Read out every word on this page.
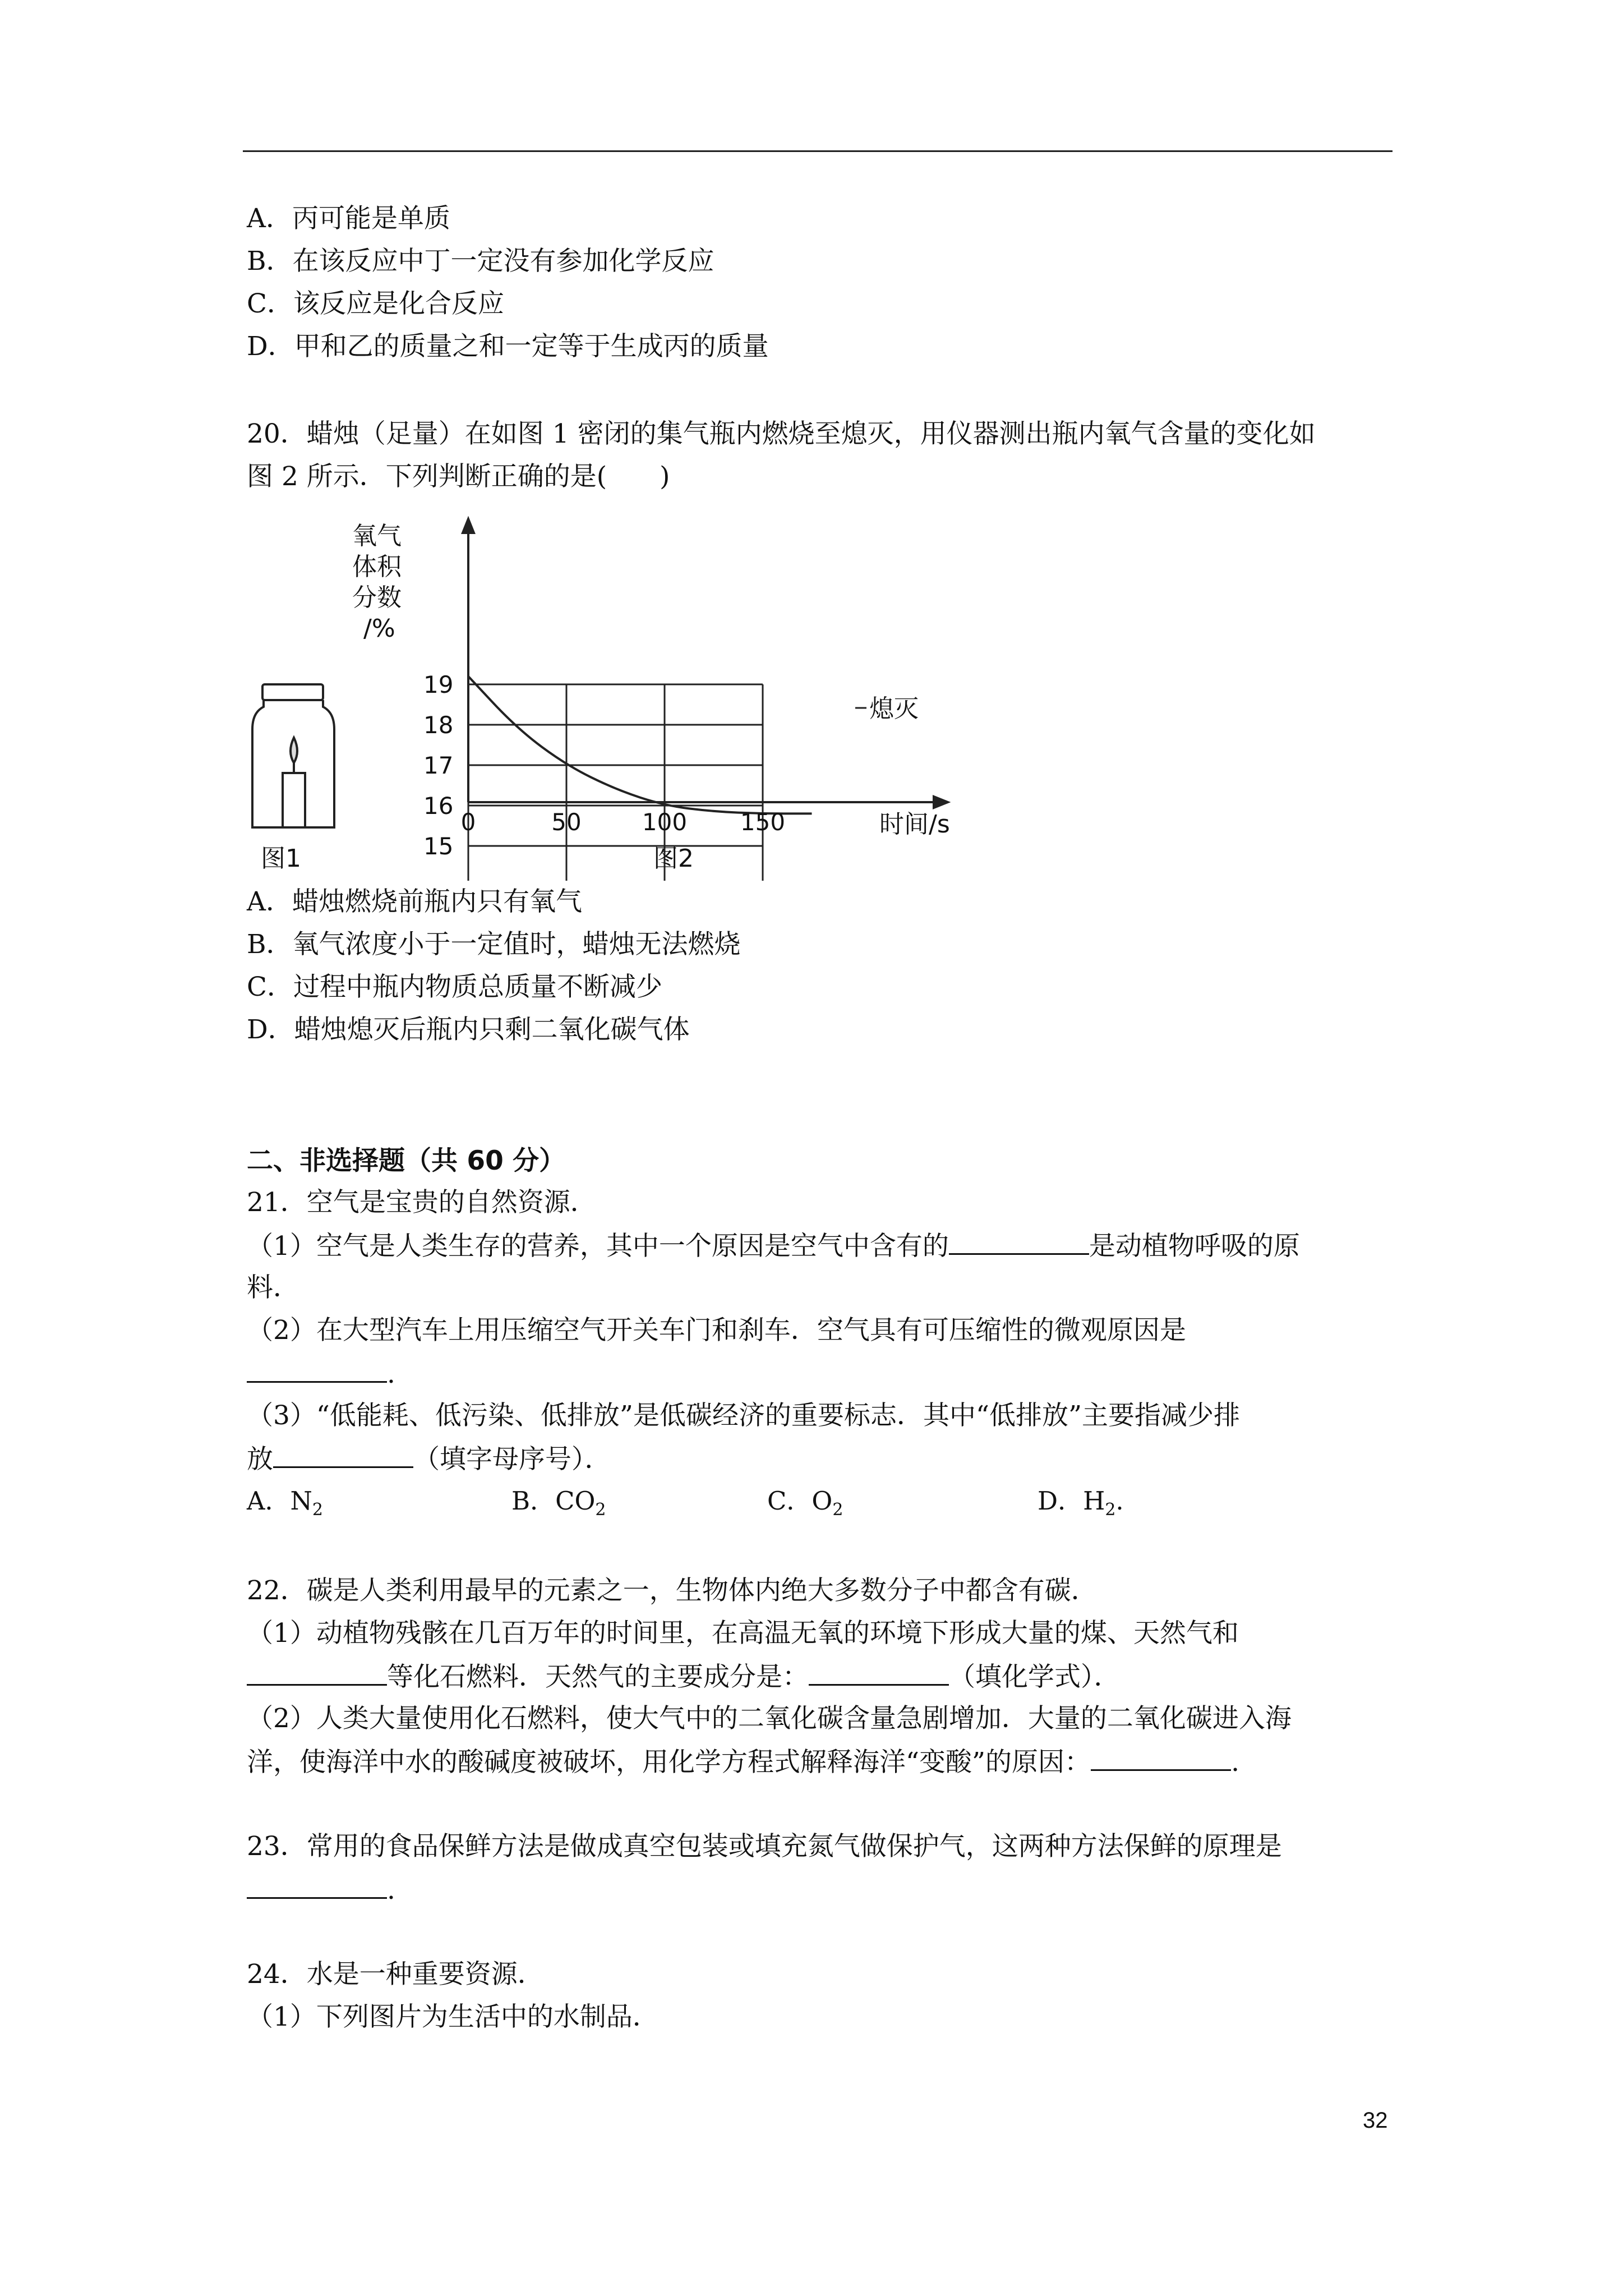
A．丙可能是单质
B．在该反应中丁一定没有参加化学反应
C．该反应是化合反应
D．甲和乙的质量之和一定等于生成丙的质量
20．蜡烛（足量）在如图 1 密闭的集气瓶内燃烧至熄灭，用仪器测出瓶内氧气含量的变化如
图 2 所示．下列判断正确的是(　　)
图1
19
18
17
16
15
0	50	100 150
氧气
体积
分数
/%
熄灭
时间/s
图2
A．蜡烛燃烧前瓶内只有氧气
B．氧气浓度小于一定值时，蜡烛无法燃烧
C．过程中瓶内物质总质量不断减少
D．蜡烛熄灭后瓶内只剩二氧化碳气体
二、非选择题（共 60 分）
21．空气是宝贵的自然资源．
（1）空气是人类生存的营养，其中一个原因是空气中含有的	是动植物呼吸的原
料．
（2）在大型汽车上用压缩空气开关车门和刹车．空气具有可压缩性的微观原因是
.
（3）“低能耗、低污染、低排放”是低碳经济的重要标志．其中“低排放”主要指减少排
放	（填字母序号）．
A．$N_2$	B．$CO_2$	C．$O_2$	D．$H_2$.
22．碳是人类利用最早的元素之一，生物体内绝大多数分子中都含有碳．
（1）动植物残骸在几百万年的时间里，在高温无氧的环境下形成大量的煤、天然气和
等化石燃料．天然气的主要成分是：	（填化学式）．
（2）人类大量使用化石燃料，使大气中的二氧化碳含量急剧增加．大量的二氧化碳进入海
洋，使海洋中水的酸碱度被破坏，用化学方程式解释海洋“变酸”的原因：	.
23．常用的食品保鲜方法是做成真空包装或填充氮气做保护气，这两种方法保鲜的原理是
.
24．水是一种重要资源．
（1）下列图片为生活中的水制品．
32
